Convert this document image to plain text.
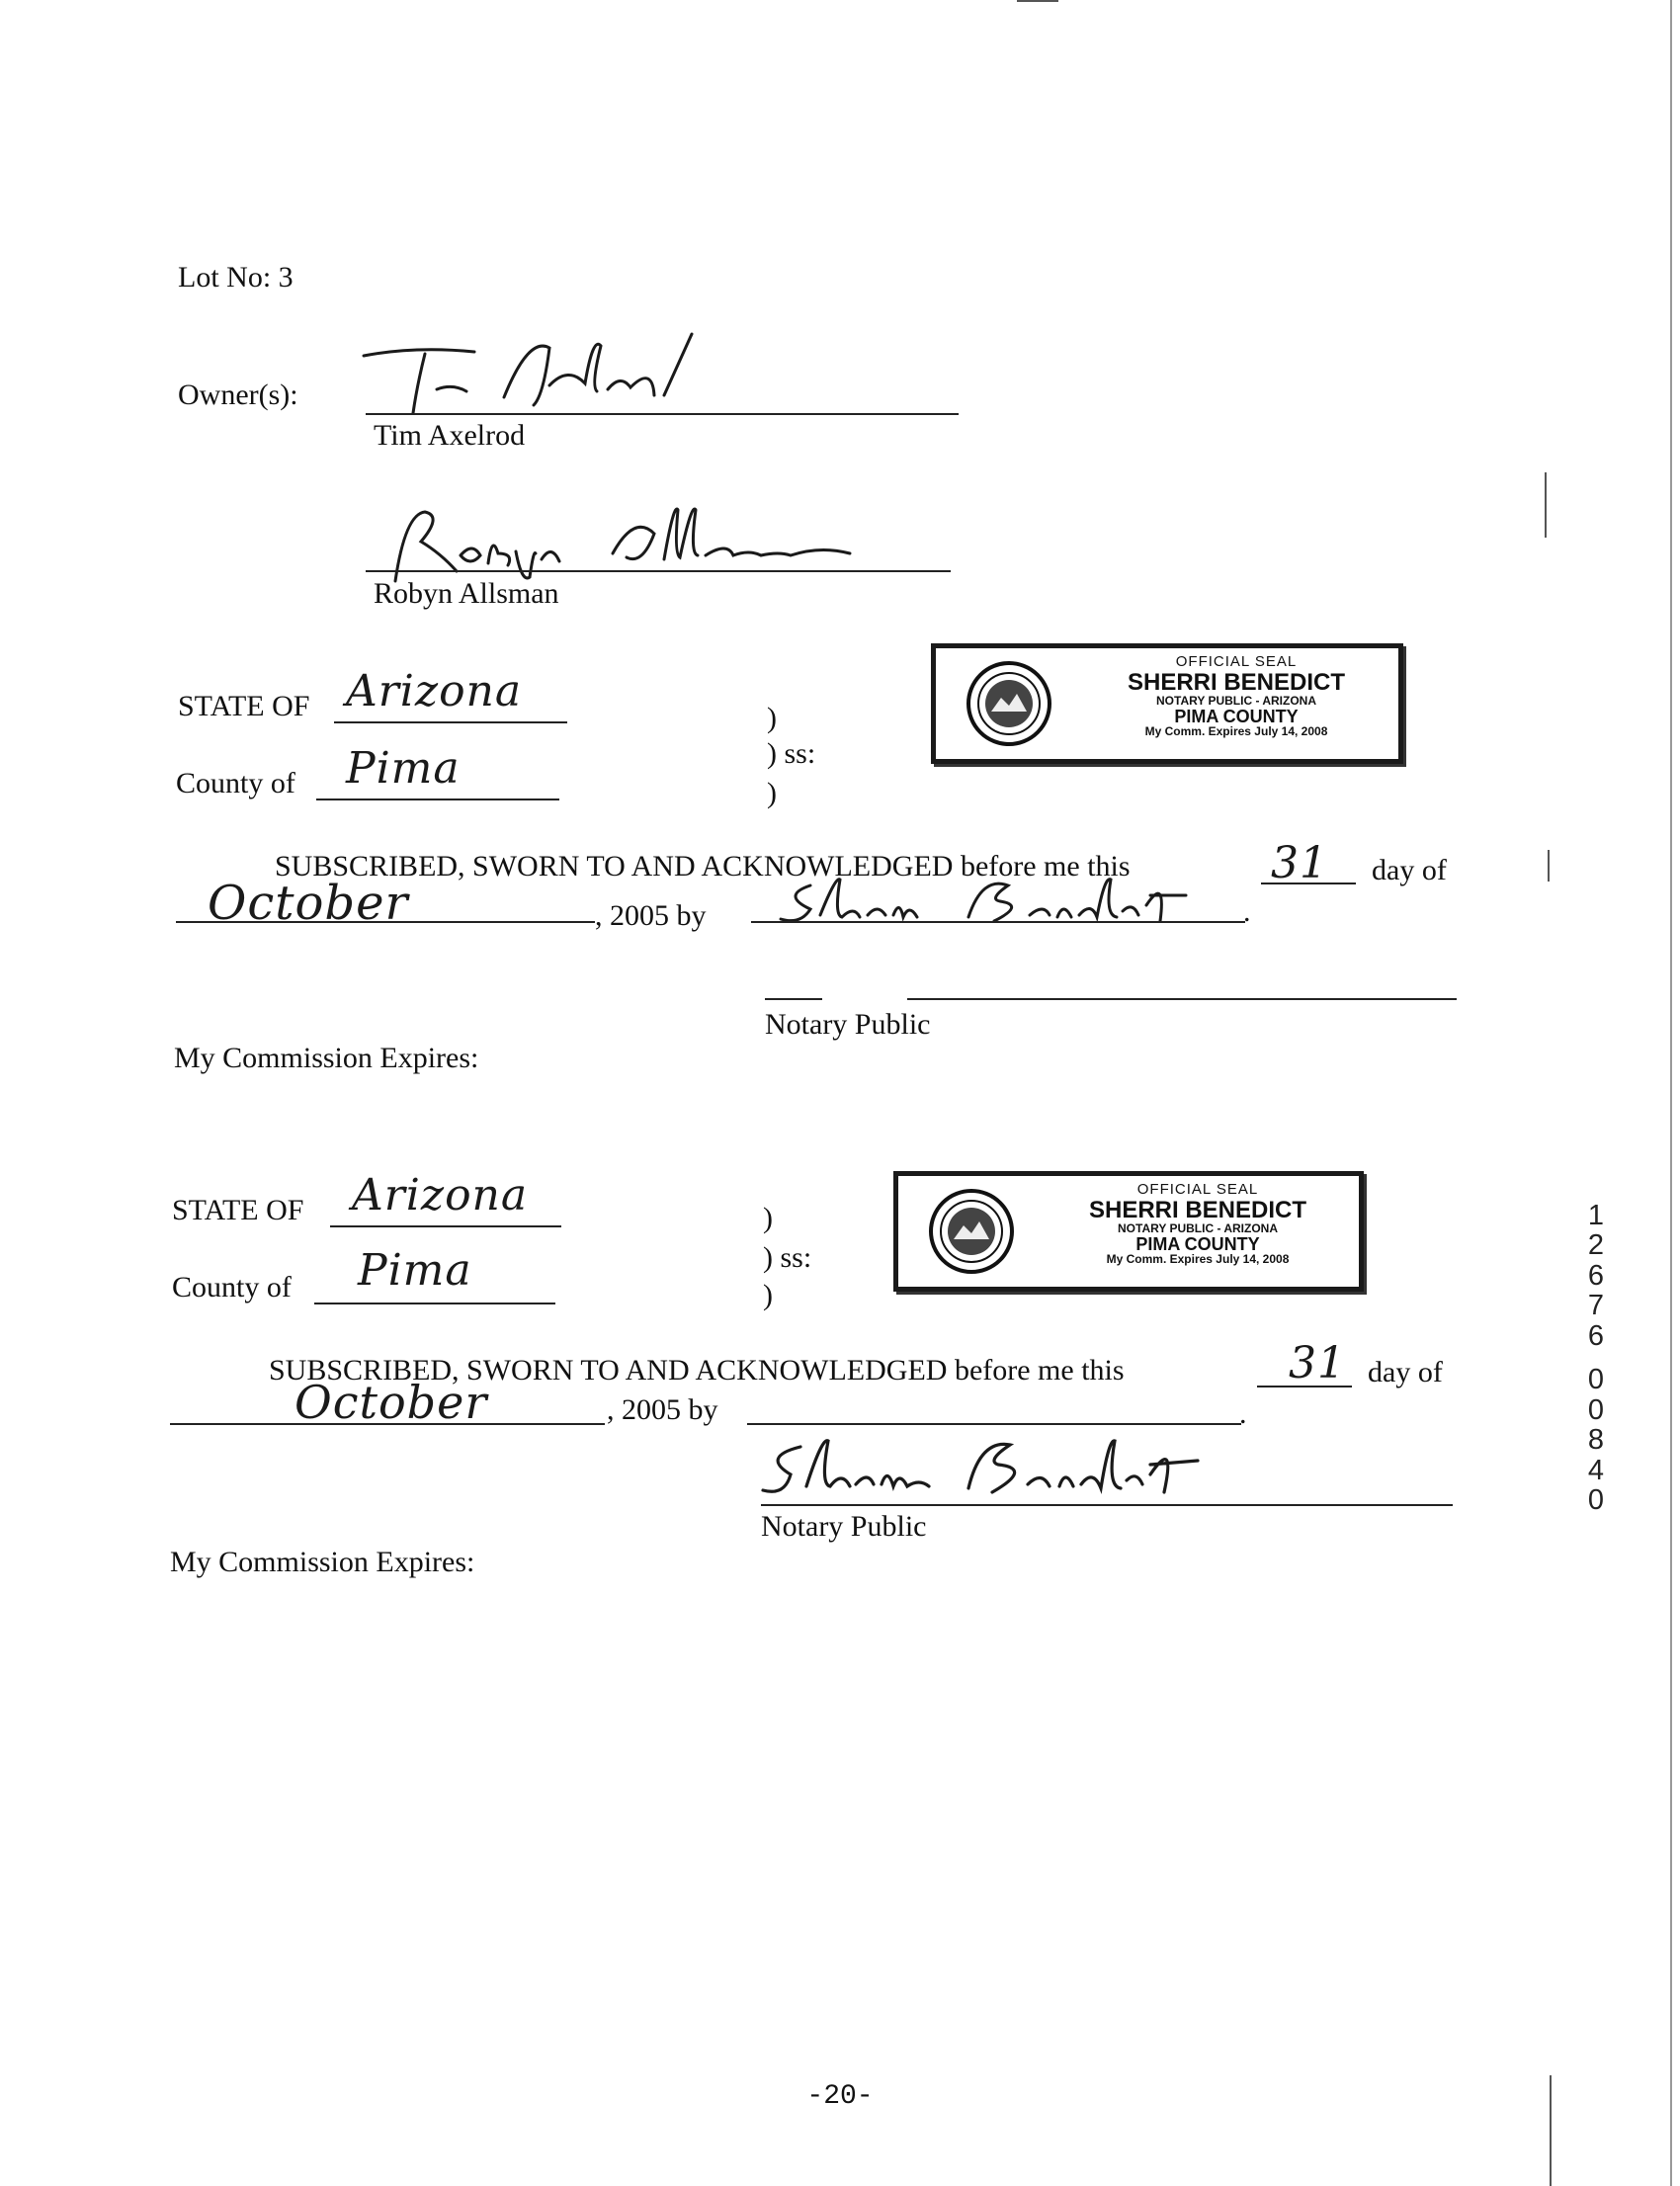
Lot No: 3
Owner(s):
Tim Axelrod
Robyn Allsman
STATE OF Arizona
County of Pima
)
) ss:
)
OFFICIAL SEAL
SHERRI BENEDICT
NOTARY PUBLIC - ARIZONA
PIMA COUNTY
My Comm. Expires July 14, 2008
SUBSCRIBED, SWORN TO AND ACKNOWLEDGED before me this	31 day of
October	, 2005 by	.
Notary Public
My Commission Expires:
STATE OF Arizona
County of Pima
)
) ss:
)
OFFICIAL SEAL
SHERRI BENEDICT
NOTARY PUBLIC - ARIZONA
PIMA COUNTY
My Comm. Expires July 14, 2008
SUBSCRIBED, SWORN TO AND ACKNOWLEDGED before me this	31 day of
October	, 2005 by	.
Notary Public
My Commission Expires:
1
2
6
7
6
0
0
8
4
0
-20-
